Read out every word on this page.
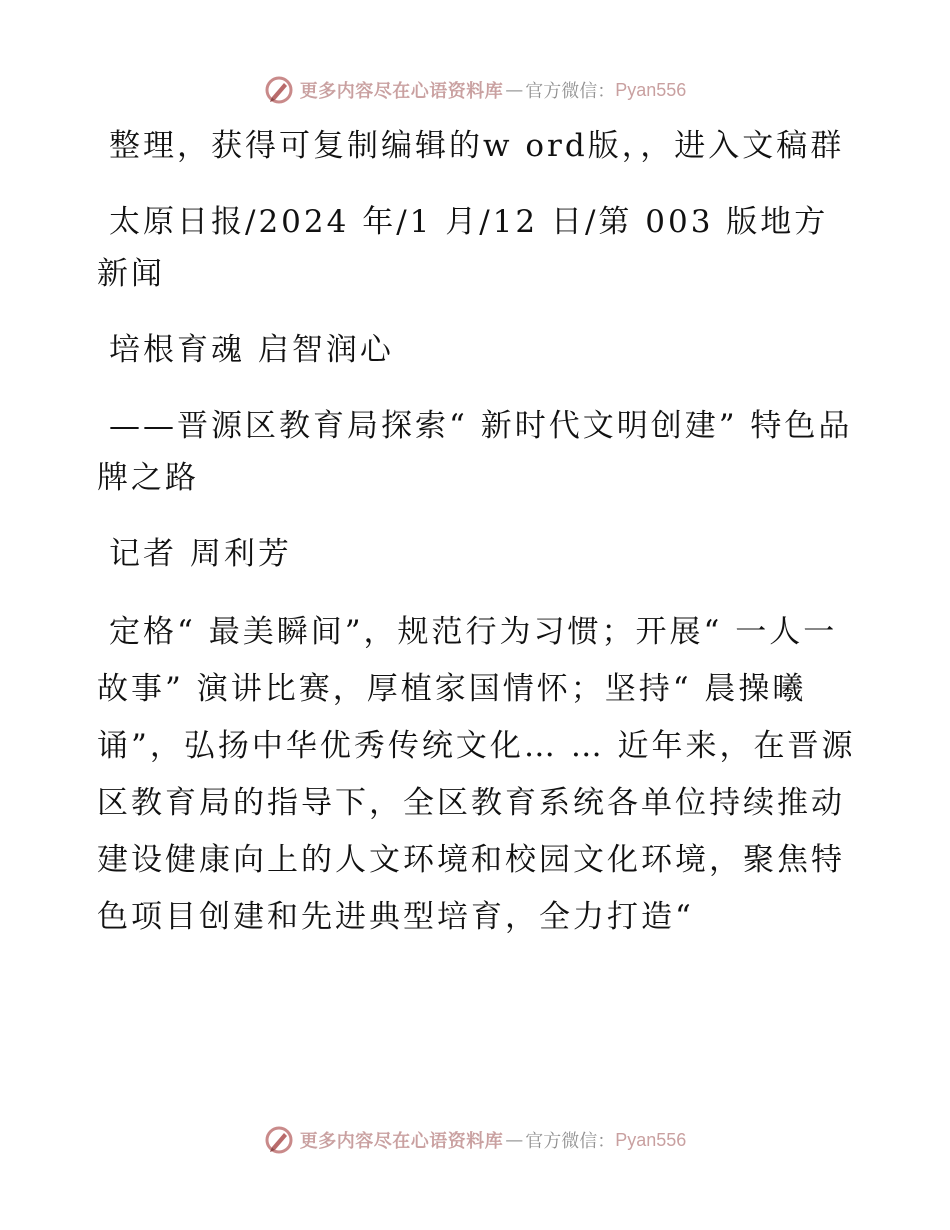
更多内容尽在心语资料库 — 官方微信： Pyan556

整理，获得可复制编辑的w ord版，，进入文稿群

太原日报/2024 年/1 月/12 日/第 003 版地方新闻

培根育魂 启智润心

——晋源区教育局探索“ 新时代文明创建” 特色品牌之路

记者 周利芳

定格“ 最美瞬间”，规范行为习惯；开展“ 一人一故事” 演讲比赛，厚植家国情怀；坚持“ 晨操曦诵”，弘扬中华优秀传统文化… … 近年来，在晋源区教育局的指导下，全区教育系统各单位持续推动建设健康向上的人文环境和校园文化环境，聚焦特色项目创建和先进典型培育，全力打造“

更多内容尽在心语资料库 — 官方微信： Pyan556
